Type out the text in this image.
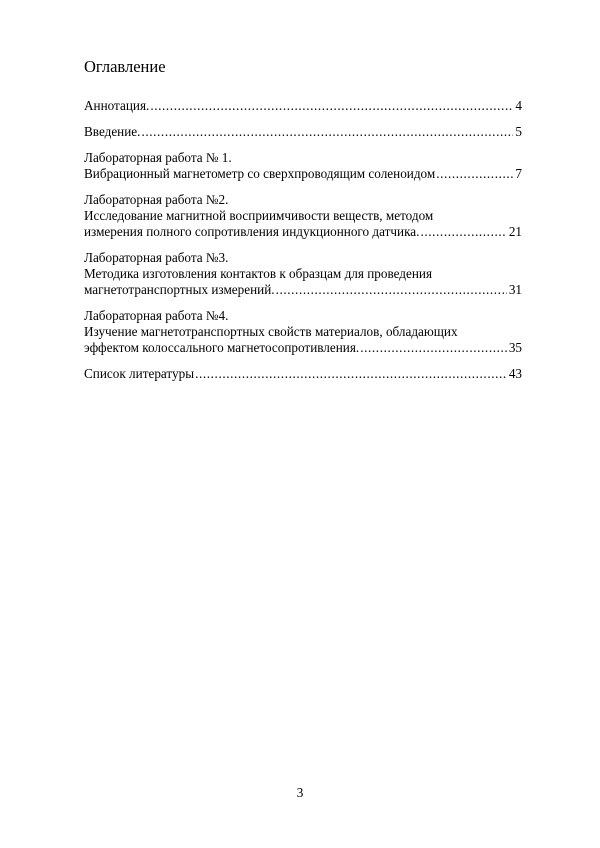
Оглавление
Аннотация. .....	4
Введение. .....	5
Лабораторная работа № 1.
Вибрационный магнетометр со сверхпроводящим соленоидом .....	7
Лабораторная работа №2.
Исследование магнитной восприимчивости веществ, методом
измерения полного сопротивления индукционного датчика. .....	21
Лабораторная работа №3.
Методика изготовления контактов к образцам для проведения
магнетотранспортных измерений. .....	31
Лабораторная работа №4.
Изучение магнетотранспортных свойств материалов, обладающих
эффектом колоссального магнетосопротивления. .....	35
Список литературы .....	43
3
